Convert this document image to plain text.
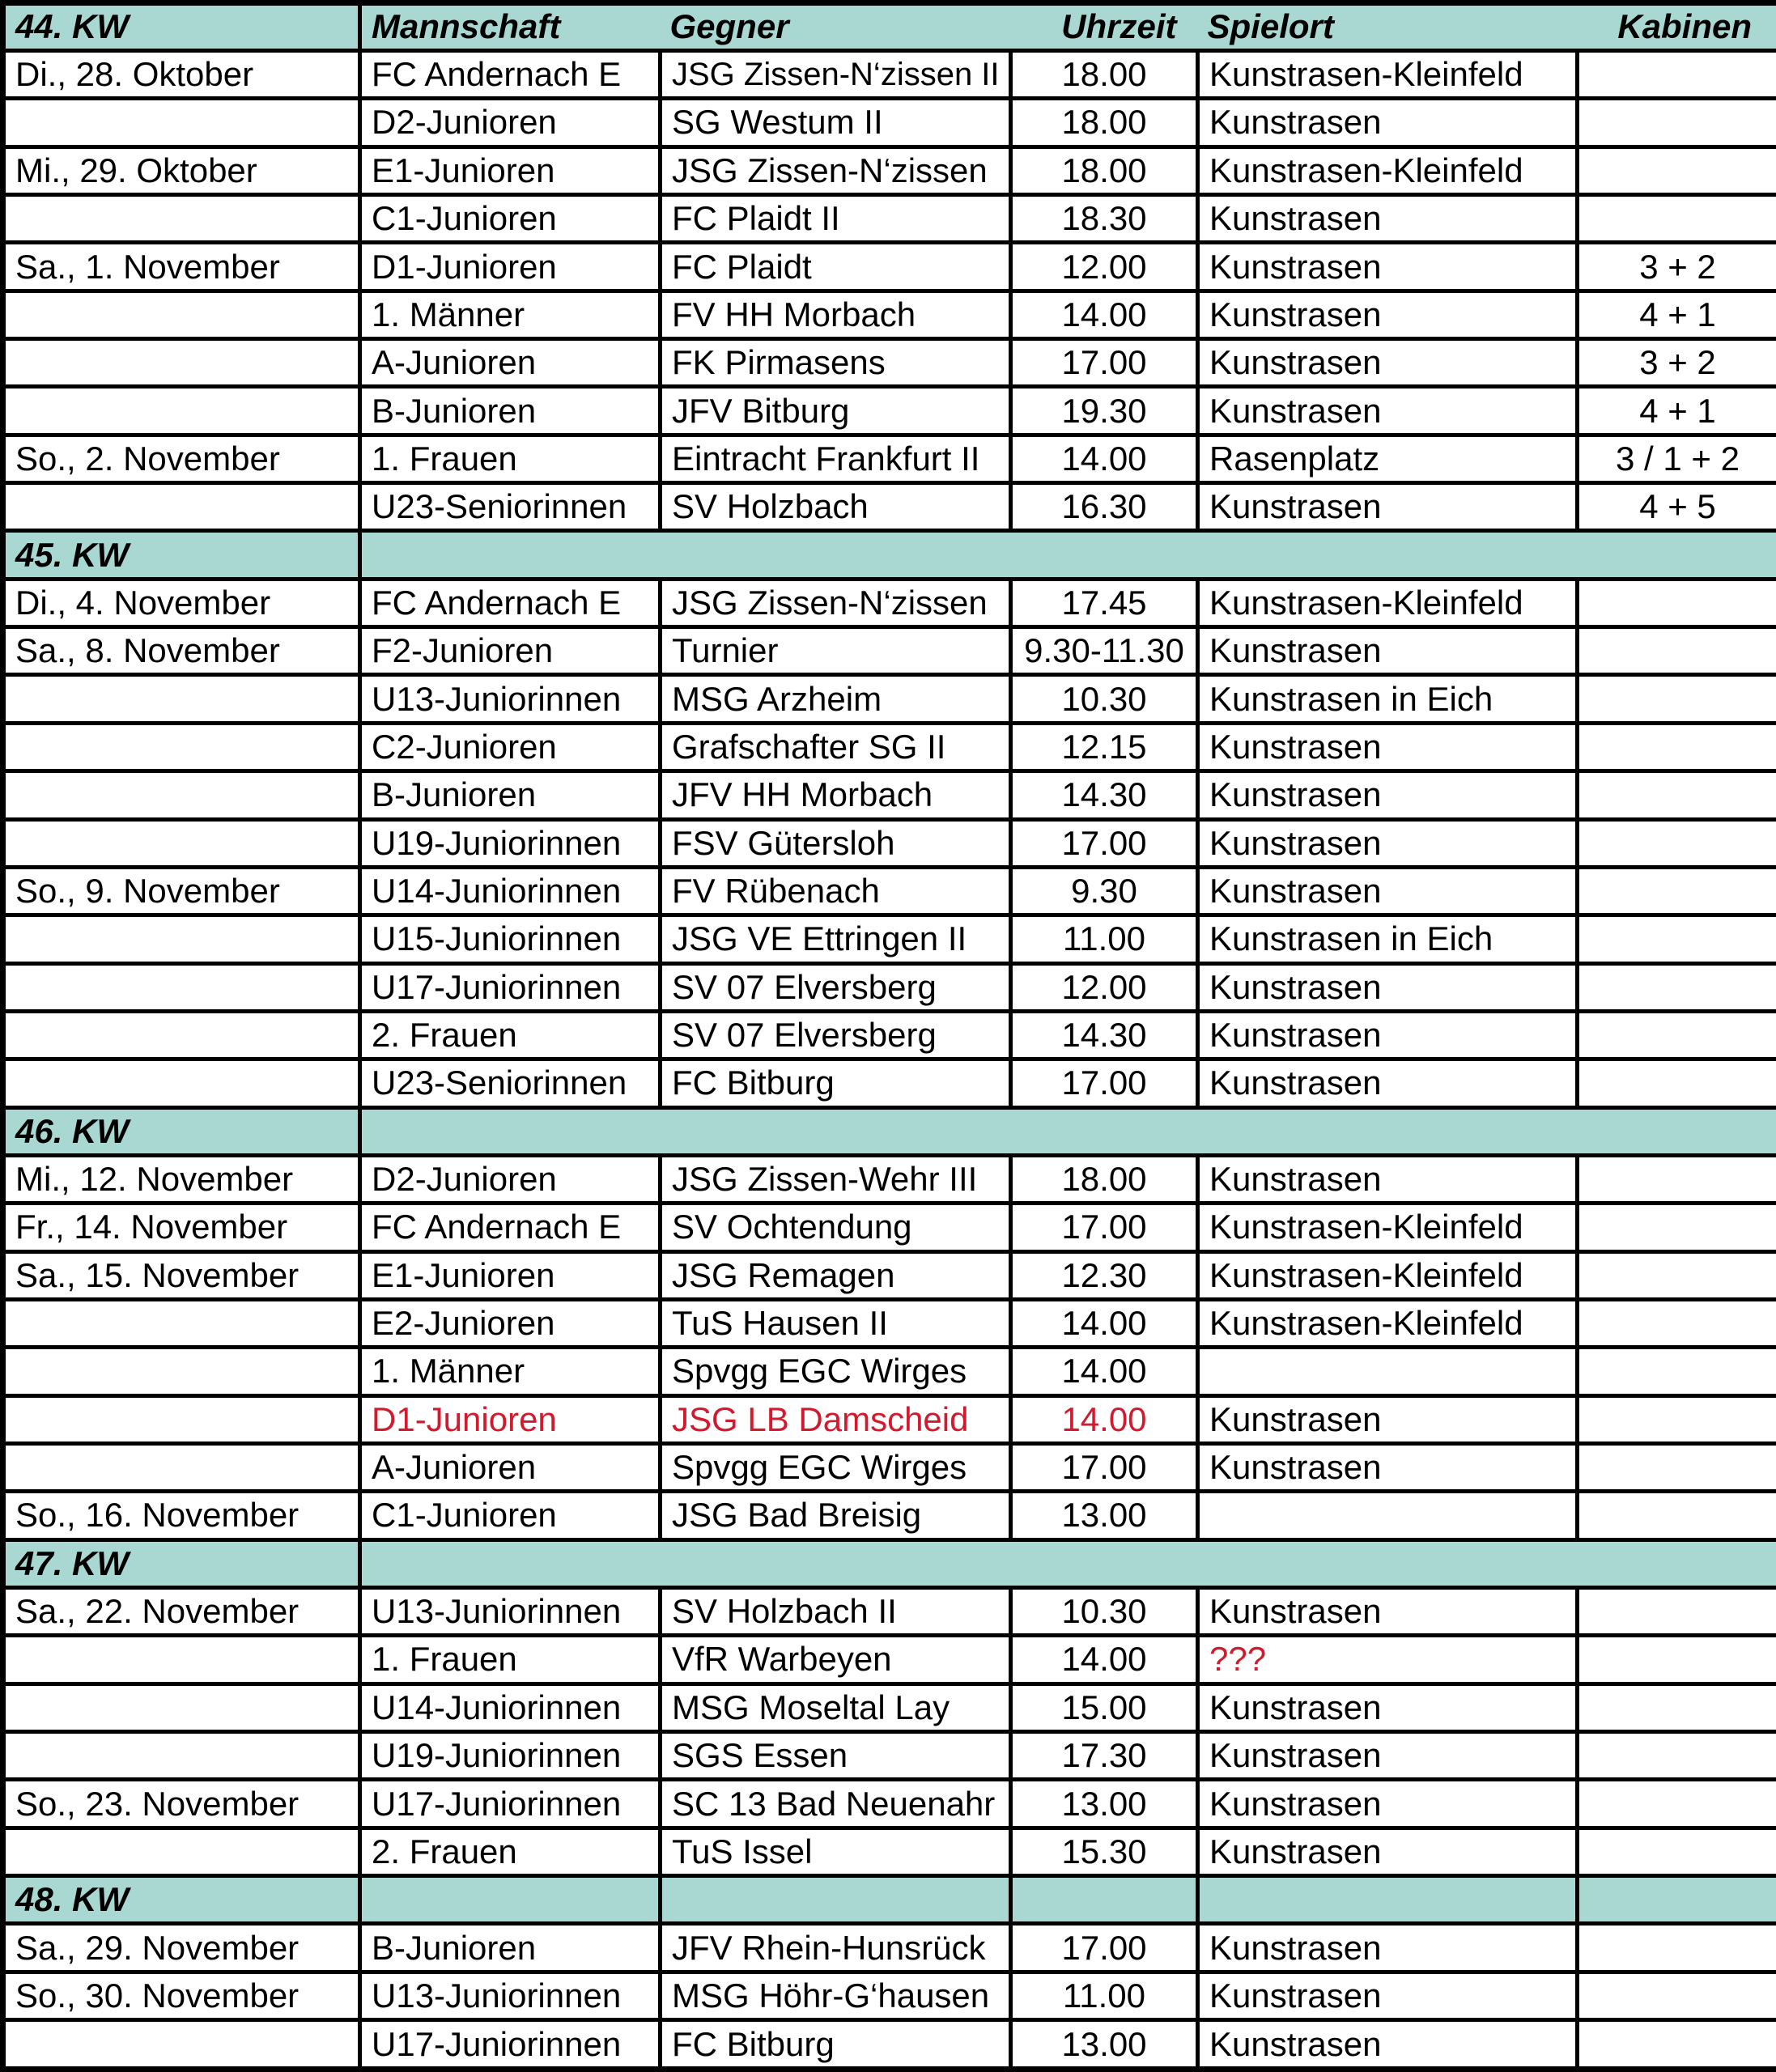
44. KW	Mannschaft	Gegner	Uhrzeit	Spielort	Kabinen
Di., 28. Oktober	FC Andernach E	JSG Zissen-N‘zissen II	18.00	Kunstrasen-Kleinfeld	
	D2-Junioren	SG Westum II	18.00	Kunstrasen	
Mi., 29. Oktober	E1-Junioren	JSG Zissen-N‘zissen	18.00	Kunstrasen-Kleinfeld	
	C1-Junioren	FC Plaidt II	18.30	Kunstrasen	
Sa., 1. November	D1-Junioren	FC Plaidt	12.00	Kunstrasen	3 + 2
	1. Männer	FV HH Morbach	14.00	Kunstrasen	4 + 1
	A-Junioren	FK Pirmasens	17.00	Kunstrasen	3 + 2
	B-Junioren	JFV Bitburg	19.30	Kunstrasen	4 + 1
So., 2. November	1. Frauen	Eintracht Frankfurt II	14.00	Rasenplatz	3 / 1 + 2
	U23-Seniorinnen	SV Holzbach	16.30	Kunstrasen	4 + 5
45. KW					
Di., 4. November	FC Andernach E	JSG Zissen-N‘zissen	17.45	Kunstrasen-Kleinfeld	
Sa., 8. November	F2-Junioren	Turnier	9.30-11.30	Kunstrasen	
	U13-Juniorinnen	MSG Arzheim	10.30	Kunstrasen in Eich	
	C2-Junioren	Grafschafter SG II	12.15	Kunstrasen	
	B-Junioren	JFV HH Morbach	14.30	Kunstrasen	
	U19-Juniorinnen	FSV Gütersloh	17.00	Kunstrasen	
So., 9. November	U14-Juniorinnen	FV Rübenach	9.30	Kunstrasen	
	U15-Juniorinnen	JSG VE Ettringen II	11.00	Kunstrasen in Eich	
	U17-Juniorinnen	SV 07 Elversberg	12.00	Kunstrasen	
	2. Frauen	SV 07 Elversberg	14.30	Kunstrasen	
	U23-Seniorinnen	FC Bitburg	17.00	Kunstrasen	
46. KW					
Mi., 12. November	D2-Junioren	JSG Zissen-Wehr III	18.00	Kunstrasen	
Fr., 14. November	FC Andernach E	SV Ochtendung	17.00	Kunstrasen-Kleinfeld	
Sa., 15. November	E1-Junioren	JSG Remagen	12.30	Kunstrasen-Kleinfeld	
	E2-Junioren	TuS Hausen II	14.00	Kunstrasen-Kleinfeld	
	1. Männer	Spvgg EGC Wirges	14.00		
	D1-Junioren	JSG LB Damscheid	14.00	Kunstrasen	
	A-Junioren	Spvgg EGC Wirges	17.00	Kunstrasen	
So., 16. November	C1-Junioren	JSG Bad Breisig	13.00		
47. KW					
Sa., 22. November	U13-Juniorinnen	SV Holzbach II	10.30	Kunstrasen	
	1. Frauen	VfR Warbeyen	14.00	???	
	U14-Juniorinnen	MSG Moseltal Lay	15.00	Kunstrasen	
	U19-Juniorinnen	SGS Essen	17.30	Kunstrasen	
So., 23. November	U17-Juniorinnen	SC 13 Bad Neuenahr	13.00	Kunstrasen	
	2. Frauen	TuS Issel	15.30	Kunstrasen	
48. KW					
Sa., 29. November	B-Junioren	JFV Rhein-Hunsrück	17.00	Kunstrasen	
So., 30. November	U13-Juniorinnen	MSG Höhr-G‘hausen	11.00	Kunstrasen	
	U17-Juniorinnen	FC Bitburg	13.00	Kunstrasen	
